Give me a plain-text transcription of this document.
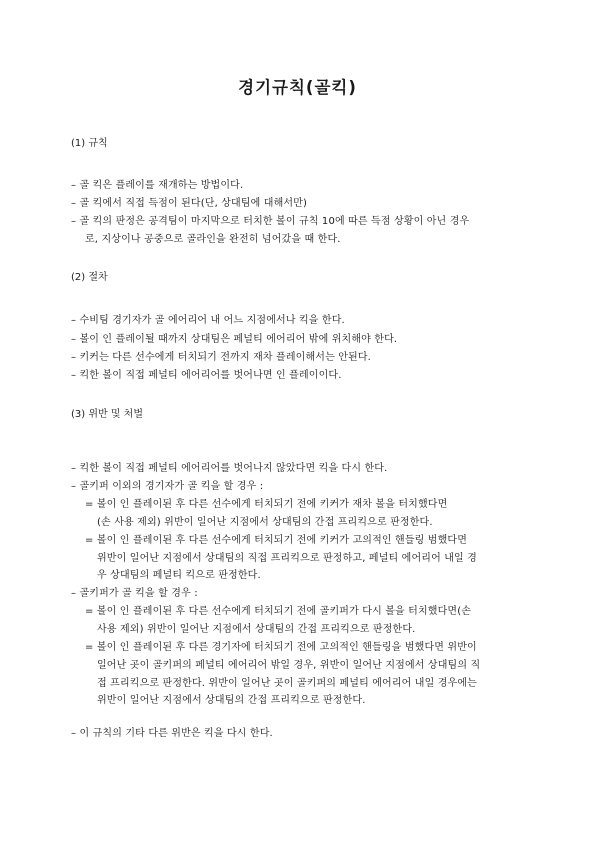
경기규칙(골킥)
(1) 규칙
– 골 킥은 플레이를 재개하는 방법이다.
– 골 킥에서 직접 득점이 된다(단, 상대팀에 대해서만)
– 골 킥의 판정은 공격팀이 마지막으로 터치한 볼이 규칙 10에 따른 득점 상황이 아닌 경우
로, 지상이나 공중으로 골라인을 완전히 넘어갔을 때 한다.
(2) 절차
– 수비팀 경기자가 골 에어리어 내 어느 지점에서나 킥을 한다.
– 볼이 인 플레이될 때까지 상대팀은 페널티 에어리어 밖에 위치해야 한다.
– 키커는 다른 선수에게 터치되기 전까지 재차 플레이해서는 안된다.
– 킥한 볼이 직접 페널티 에어리어를 벗어나면 인 플레이이다.
(3) 위반 및 처벌
– 킥한 볼이 직접 페널티 에어리어를 벗어나지 않았다면 킥을 다시 한다.
– 골키퍼 이외의 경기자가 골 킥을 할 경우 :
= 볼이 인 플레이된 후 다른 선수에게 터치되기 전에 키커가 재차 볼을 터치했다면
(손 사용 제외) 위반이 일어난 지점에서 상대팀의 간접 프리킥으로 판정한다.
= 볼이 인 플레이된 후 다른 선수에게 터치되기 전에 키커가 고의적인 핸들링 범했다면
위반이 일어난 지점에서 상대팀의 직접 프리킥으로 판정하고, 페널티 에어리어 내일 경
우 상대팀의 페널티 킥으로 판정한다.
– 골키퍼가 골 킥을 할 경우 :
= 볼이 인 플레이된 후 다른 선수에게 터치되기 전에 골키퍼가 다시 볼을 터치했다면(손
사용 제외) 위반이 일어난 지점에서 상대팀의 간접 프리킥으로 판정한다.
= 볼이 인 플레이된 후 다른 경기자에 터치되기 전에 고의적인 핸들링을 범했다면 위반이
일어난 곳이 골키퍼의 페널티 에어리어 밖일 경우, 위반이 일어난 지점에서 상대팀의 직
접 프리킥으로 판정한다. 위반이 일어난 곳이 골키퍼의 페널티 에어리어 내일 경우에는
위반이 일어난 지점에서 상대팀의 간접 프리킥으로 판정한다.
– 이 규칙의 기타 다른 위반은 킥을 다시 한다.
